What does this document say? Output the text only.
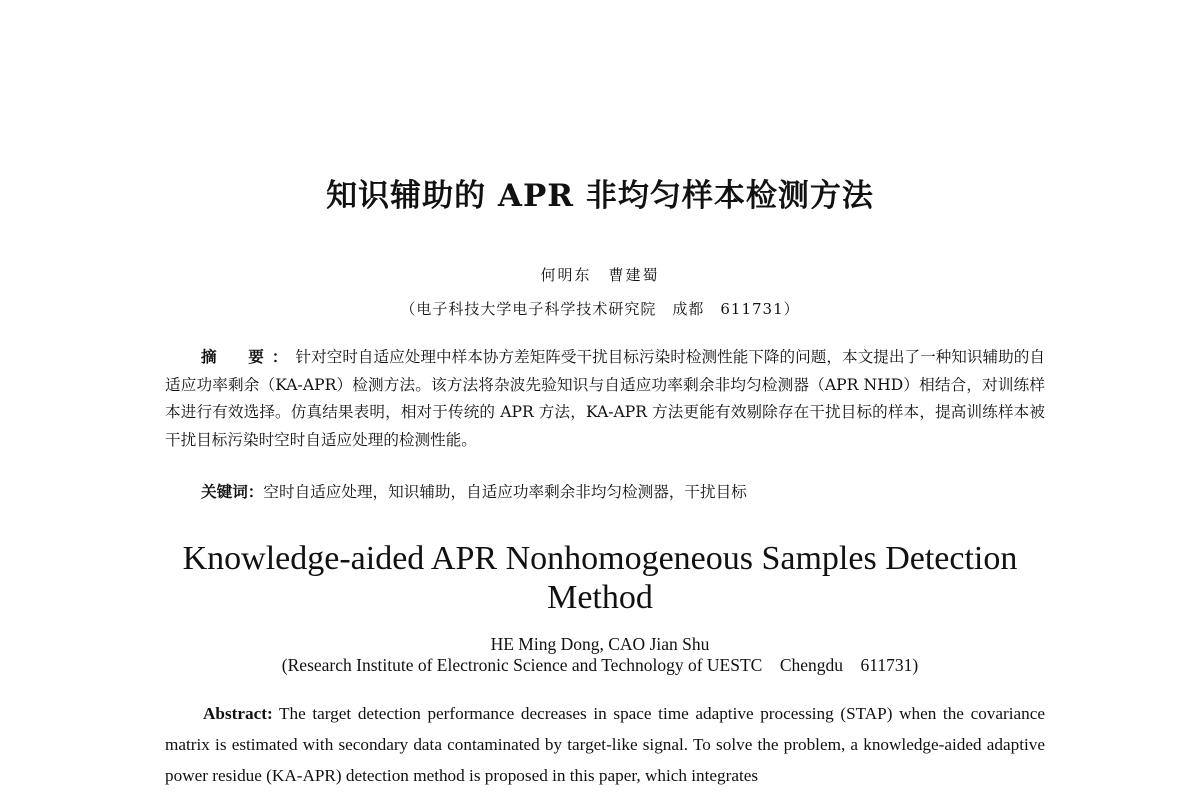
知识辅助的 APR 非均匀样本检测方法
何明东　曹建蜀
（电子科技大学电子科学技术研究院　成都　611731）

摘　要：针对空时自适应处理中样本协方差矩阵受干扰目标污染时检测性能下降的问题，本文提出了一种知识辅助的自适应功率剩余（KA-APR）检测方法。该方法将杂波先验知识与自适应功率剩余非均匀检测器（APR NHD）相结合，对训练样本进行有效选择。仿真结果表明，相对于传统的 APR 方法，KA-APR 方法更能有效剔除存在干扰目标的样本，提高训练样本被干扰目标污染时空时自适应处理的检测性能。

关键词：空时自适应处理，知识辅助，自适应功率剩余非均匀检测器，干扰目标

Knowledge-aided APR Nonhomogeneous Samples Detection
Method
HE Ming Dong, CAO Jian Shu
(Research Institute of Electronic Science and Technology of UESTC    Chengdu    611731)

Abstract: The target detection performance decreases in space time adaptive processing (STAP) when the covariance matrix is estimated with secondary data contaminated by target-like signal. To solve the problem, a knowledge-aided adaptive power residue (KA-APR) detection method is proposed in this paper, which integrates
